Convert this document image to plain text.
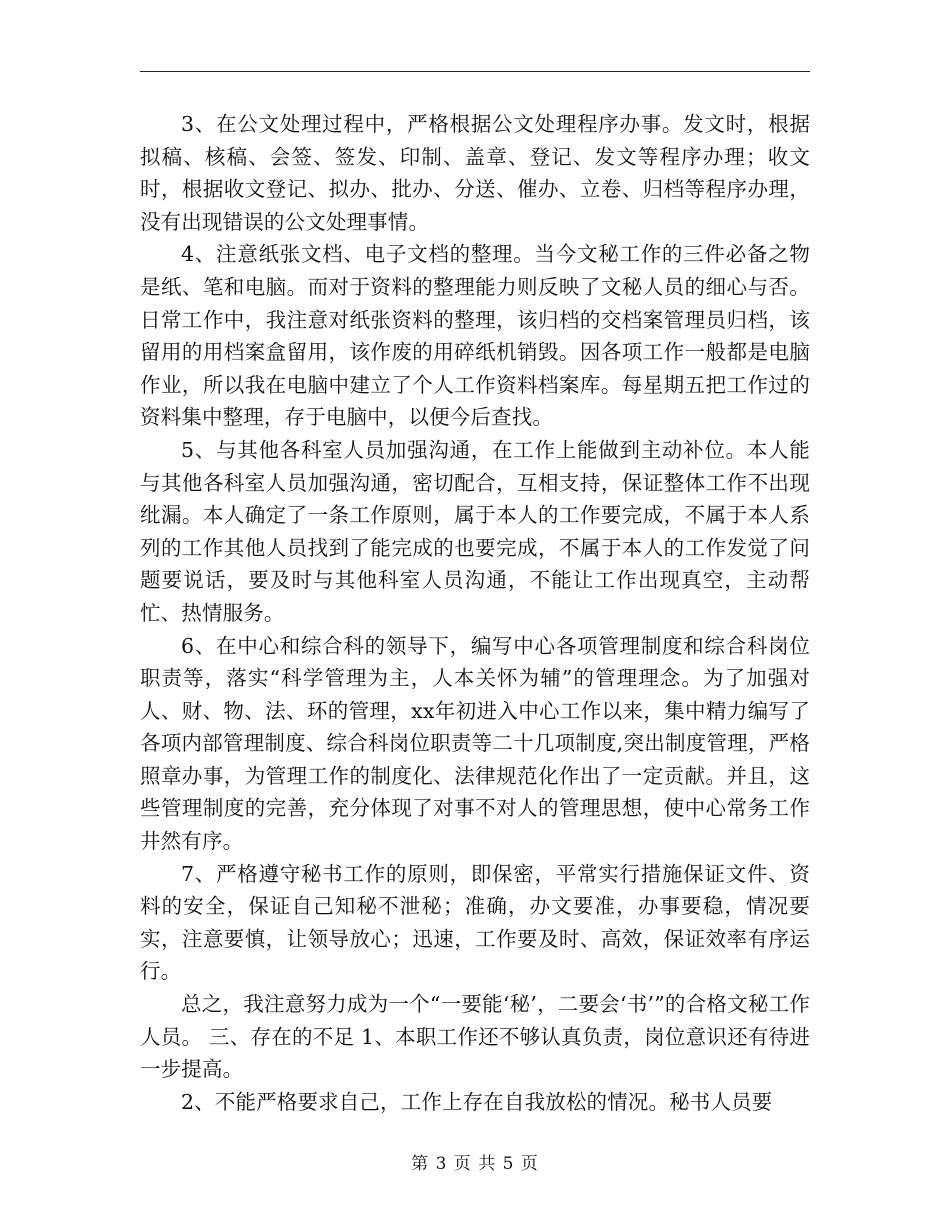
3、在公文处理过程中，严格根据公文处理程序办事。发文时，根据拟稿、核稿、会签、签发、印制、盖章、登记、发文等程序办理；收文时，根据收文登记、拟办、批办、分送、催办、立卷、归档等程序办理，没有出现错误的公文处理事情。

4、注意纸张文档、电子文档的整理。当今文秘工作的三件必备之物是纸、笔和电脑。而对于资料的整理能力则反映了文秘人员的细心与否。日常工作中，我注意对纸张资料的整理，该归档的交档案管理员归档，该留用的用档案盒留用，该作废的用碎纸机销毁。因各项工作一般都是电脑作业，所以我在电脑中建立了个人工作资料档案库。每星期五把工作过的资料集中整理，存于电脑中，以便今后查找。

5、与其他各科室人员加强沟通，在工作上能做到主动补位。本人能与其他各科室人员加强沟通，密切配合，互相支持，保证整体工作不出现纰漏。本人确定了一条工作原则，属于本人的工作要完成，不属于本人系列的工作其他人员找到了能完成的也要完成，不属于本人的工作发觉了问题要说话，要及时与其他科室人员沟通，不能让工作出现真空，主动帮忙、热情服务。

6、在中心和综合科的领导下，编写中心各项管理制度和综合科岗位职责等，落实“科学管理为主，人本关怀为辅”的管理理念。为了加强对人、财、物、法、环的管理，xx年初进入中心工作以来，集中精力编写了各项内部管理制度、综合科岗位职责等二十几项制度,突出制度管理，严格照章办事，为管理工作的制度化、法律规范化作出了一定贡献。并且，这些管理制度的完善，充分体现了对事不对人的管理思想，使中心常务工作井然有序。

7、严格遵守秘书工作的原则，即保密，平常实行措施保证文件、资料的安全，保证自己知秘不泄秘；准确，办文要准，办事要稳，情况要实，注意要慎，让领导放心；迅速，工作要及时、高效，保证效率有序运行。

总之，我注意努力成为一个“一要能‘秘’，二要会‘书’”的合格文秘工作人员。 三、存在的不足 1、本职工作还不够认真负责，岗位意识还有待进一步提高。

2、不能严格要求自己，工作上存在自我放松的情况。秘书人员要

第 3 页 共 5 页
